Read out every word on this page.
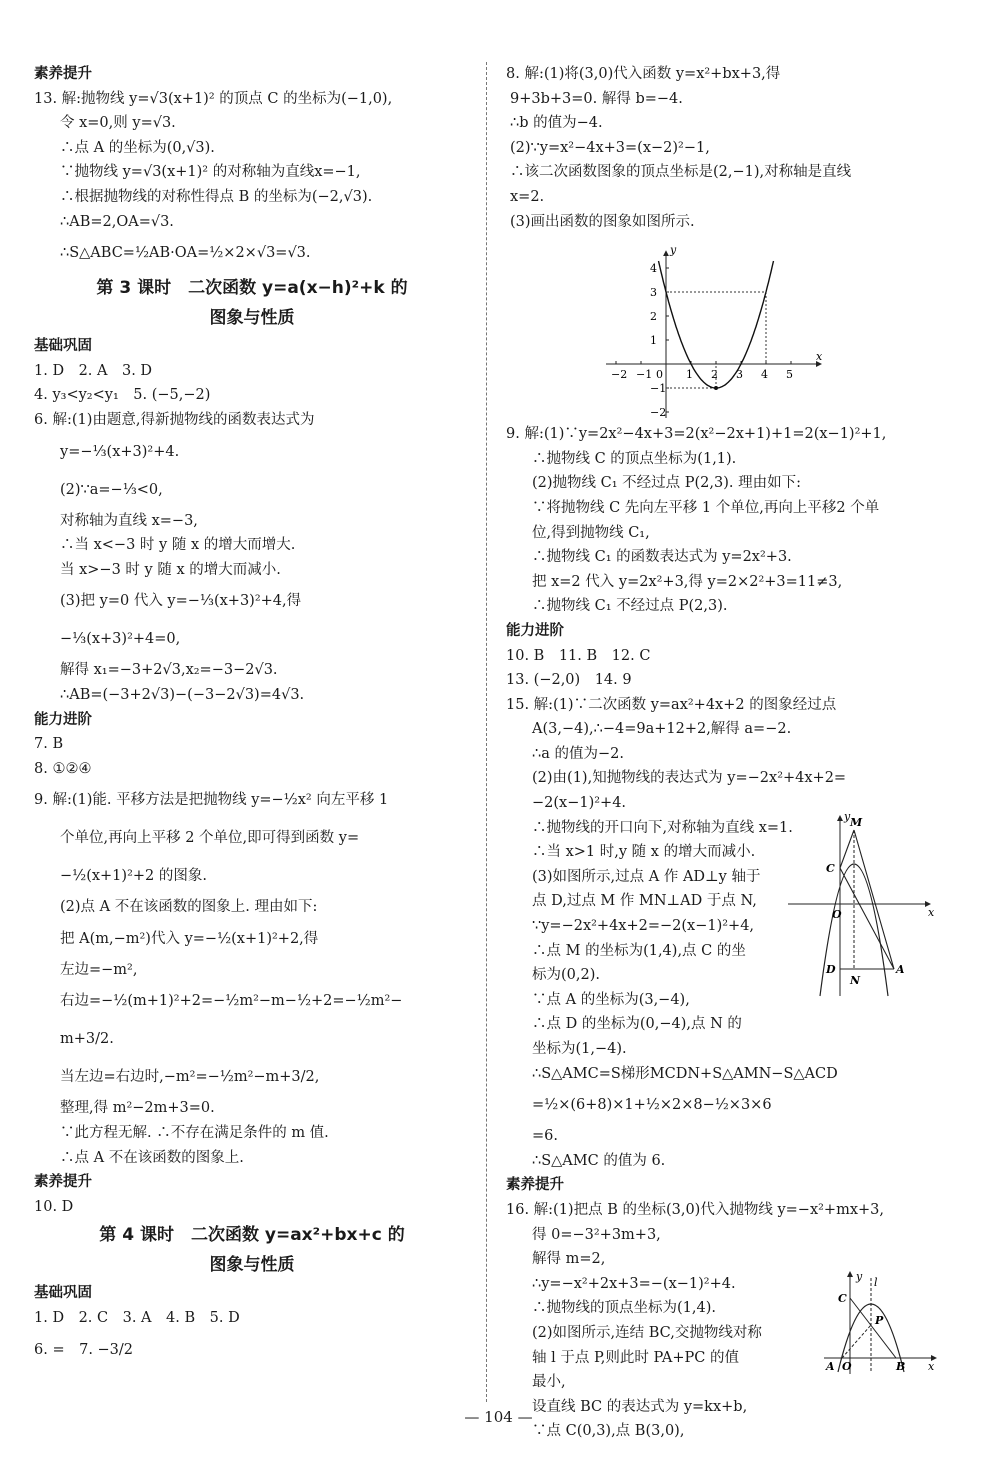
素养提升
13. 解:抛物线 y=√3(x+1)² 的顶点 C 的坐标为(−1,0),
令 x=0,则 y=√3.
∴点 A 的坐标为(0,√3).
∵抛物线 y=√3(x+1)² 的对称轴为直线x=−1,
∴根据抛物线的对称性得点 B 的坐标为(−2,√3).
∴AB=2,OA=√3.
∴S△ABC=½AB·OA=½×2×√3=√3.
第 3 课时　二次函数 y=a(x−h)²+k 的
图象与性质
基础巩固
1. D　2. A　3. D
4. y₃<y₂<y₁　5. (−5,−2)
6. 解:(1)由题意,得新抛物线的函数表达式为
y=−⅓(x+3)²+4.
(2)∵a=−⅓<0,
对称轴为直线 x=−3,
∴当 x<−3 时 y 随 x 的增大而增大.
当 x>−3 时 y 随 x 的增大而减小.
(3)把 y=0 代入 y=−⅓(x+3)²+4,得
−⅓(x+3)²+4=0,
解得 x₁=−3+2√3,x₂=−3−2√3.
∴AB=(−3+2√3)−(−3−2√3)=4√3.
能力进阶
7. B
8. ①②④
9. 解:(1)能. 平移方法是把抛物线 y=−½x² 向左平移 1
个单位,再向上平移 2 个单位,即可得到函数 y=
−½(x+1)²+2 的图象.
(2)点 A 不在该函数的图象上. 理由如下:
把 A(m,−m²)代入 y=−½(x+1)²+2,得
左边=−m²,
右边=−½(m+1)²+2=−½m²−m−½+2=−½m²−
m+3/2.
当左边=右边时,−m²=−½m²−m+3/2,
整理,得 m²−2m+3=0.
∵此方程无解. ∴不存在满足条件的 m 值.
∴点 A 不在该函数的图象上.
素养提升
10. D
第 4 课时　二次函数 y=ax²+bx+c 的
图象与性质
基础巩固
1. D　2. C　3. A　4. B　5. D
6. =　7. −3/2
8. 解:(1)将(3,0)代入函数 y=x²+bx+3,得
9+3b+3=0. 解得 b=−4.
∴b 的值为−4.
(2)∵y=x²−4x+3=(x−2)²−1,
∴该二次函数图象的顶点坐标是(2,−1),对称轴是直线
x=2.
(3)画出函数的图象如图所示.
−2 −1	1 2 3 4 5
4
3
2
1
−1
−2
x
y
0
9. 解:(1)∵y=2x²−4x+3=2(x²−2x+1)+1=2(x−1)²+1,
∴抛物线 C 的顶点坐标为(1,1).
(2)抛物线 C₁ 不经过点 P(2,3). 理由如下:
∵将抛物线 C 先向左平移 1 个单位,再向上平移2 个单
位,得到抛物线 C₁,
∴抛物线 C₁ 的函数表达式为 y=2x²+3.
把 x=2 代入 y=2x²+3,得 y=2×2²+3=11≠3,
∴抛物线 C₁ 不经过点 P(2,3).
能力进阶
10. B　11. B　12. C
13. (−2,0)　14. 9
15. 解:(1)∵二次函数 y=ax²+4x+2 的图象经过点
A(3,−4),∴−4=9a+12+2,解得 a=−2.
∴a 的值为−2.
(2)由(1),知抛物线的表达式为 y=−2x²+4x+2=
−2(x−1)²+4.
∴抛物线的开口向下,对称轴为直线 x=1.
∴当 x>1 时,y 随 x 的增大而减小.
(3)如图所示,过点 A 作 AD⊥y 轴于
点 D,过点 M 作 MN⊥AD 于点 N,
∵y=−2x²+4x+2=−2(x−1)²+4,
∴点 M 的坐标为(1,4),点 C 的坐
标为(0,2).
∵点 A 的坐标为(3,−4),
∴点 D 的坐标为(0,−4),点 N 的
坐标为(1,−4).
∴S△AMC=S梯形MCDN+S△AMN−S△ACD
=½×(6+8)×1+½×2×8−½×3×6
=6.
∴S△AMC 的值为 6.
素养提升
16. 解:(1)把点 B 的坐标(3,0)代入抛物线 y=−x²+mx+3,
得 0=−3²+3m+3,
解得 m=2,
∴y=−x²+2x+3=−(x−1)²+4.
∴抛物线的顶点坐标为(1,4).
(2)如图所示,连结 BC,交抛物线对称
轴 l 于点 P,则此时 PA+PC 的值
最小,
设直线 BC 的表达式为 y=kx+b,
∵点 C(0,3),点 B(3,0),
y M
C
O	x
D
N
A
y l
C
P
A O	B x
— 104 —
